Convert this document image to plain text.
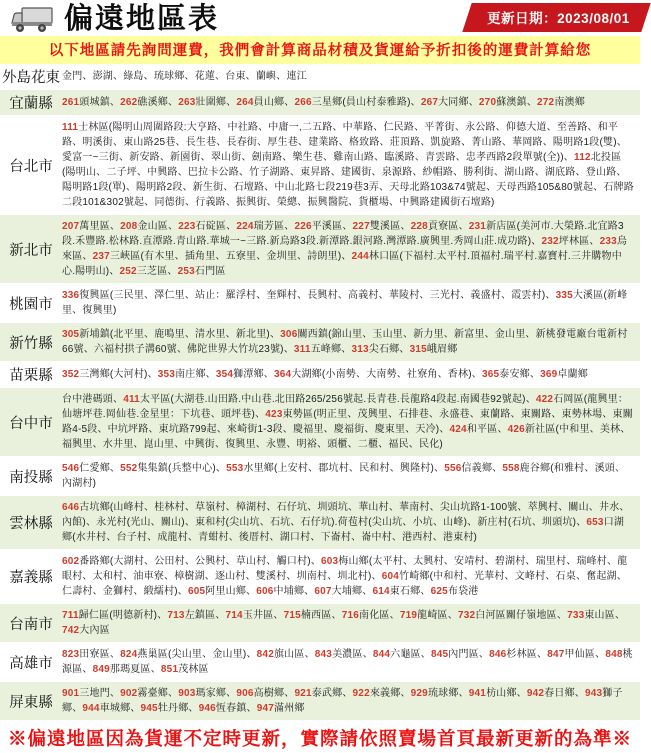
偏遠地區表	更新日期：2023/08/01
以下地區請先詢問運費，我們會計算商品材積及貨運給予折扣後的運費計算給您
外島花東 金門、澎湖、綠島、琉球鄉、花蓮、台東、蘭嶼、連江
宜蘭縣 261頭城鎮、262礁溪鄉、263壯圍鄉、264員山鄉、266三星鄉(員山村泰雅路)、267大同鄉、270蘇澳鎮、272南澳鄉
台北市
111士林區(陽明山周圍路段:大亨路、中社路、中庸一,二五路、中華路、仁民路、平菁街、永公路、仰德大道、至善路、和平路、明溪街、東山路25巷、長生巷、長春街、厚生巷、建業路、格致路、莊頂路、凱旋路、菁山路、華岡路、陽明路1段(雙)、愛富一~三街、新安路、新園街、翠山街、劍南路、樂生巷、雞南山路、臨溪路、青雲路、忠孝西路2段單號(全))、112北投區(陽明山、二子坪、中興路、巴拉卡公路、竹子湖路、東昇路、建國街、泉源路、紗帽路、勝利街、湖山路、湖底路、登山路、陽明路1段(單)、陽明路2段、新生街、石壇路、中山北路七段219巷3弄、天母北路103&74號起、天母西路105&80號起、石牌路二段101&302號起、同德街、行義路、振興街、榮總、振興醫院、貨櫃場、中興路建國街石壇路)
新北市
207萬里區、208金山區、223石碇區、224瑞芳區、226平溪區、227雙溪區、228貢寮區、231新店區(美河市.大榮路.北宜路3段.禾豐路.松林路.直潭路.青山路.華城一~三路.新烏路3段.新潭路.銀河路.灣潭路.廣興里.秀岡山莊.成功路)、232坪林區、233烏來區、237三峽區(有木里、插角里、五寮里、金圳里、詩朗里)、244林口區(下福村.太平村.頂福村.瑞平村.嘉寶村.三井購物中心.陽明山)、252三芝區、253石門區
桃園市
336復興區(三民里、澤仁里、站止：羅浮村、奎輝村、長興村、高義村、華陵村、三光村、義盛村、霞雲村)、335大溪區(新峰里、復興里)
新竹縣
305新埔鎮(北平里、鹿鳴里、清水里、新北里)、306關西鎮(錦山里、玉山里、新力里、新富里、金山里、新桃發電廠台電新村66號、六福村拱子溝60號、佛陀世界大竹坑23號)、311五峰鄉、313尖石鄉、315峨眉鄉
苗栗縣 352三灣鄉(大河村)、353南庄鄉、354獅潭鄉、364大湖鄉(小南勢、大南勢、社寮角、香林)、365泰安鄉、369卓蘭鄉
台中市
台中港碼頭、411太平區(大湖巷.山田路.中山巷.北田路265/256號起.長青巷.長龍路4段起.南國巷92號起)、422石岡區(龍興里：仙塘坪巷.岡仙巷.金星里：下坑巷、頭坪巷)、423東勢區(明正里、茂興里、石排巷、永盛巷、東蘭路、東關路、東勢林場、東關路4-5段、中坑坪路、東坑路799起、來崎街1-3段、慶福里、慶福街、慶東里、天冷)、424和平區、426新社區(中和里、美林、福興里、水井里、崑山里、中興街、復興里、永豐、明裕、頭櫃、二櫃、福民、民化)
南投縣
546仁愛鄉、552集集鎮(兵整中心)、553水里鄉(上安村、郡坑村、民和村、興隆村)、556信義鄉、558鹿谷鄉(和雅村、溪頭、內湖村)
雲林縣
646古坑鄉(山峰村、桂林村、草嶺村、樟湖村、石仔坑、圳頭坑、華山村、華南村、尖山坑路1-100號、萃興村、關山、井水、內館)、永光村(光山、關山)、東和村(尖山坑、石坑、石仔坑).荷苞村(尖山坑、小坑、山峰)、新庄村(石坑、圳頭坑)、653口湖鄉(水井村、台子村、成龍村、青蚶村、後厝村、湖口村、下崙村、崙中村、港西村、港東村)
嘉義縣
602番路鄉(大湖村、公田村、公興村、草山村、觸口村)、603梅山鄉(太平村、太興村、安靖村、碧湖村、瑞里村、瑞峰村、龍眼村、太和村、油車寮、樟樹湖、逐山村、雙溪村、圳南村、圳北村)、604竹崎鄉(中和村、光華村、文峰村、石桌、奮起湖、仁壽村、金獅村、緞繻村)、605阿里山鄉、606中埔鄉、607大埔鄉、614東石鄉、625布袋港
台南市
711歸仁區(明德新村)、713左鎮區、714玉井區、715楠西區、716南化區、719龍崎區、732白河區關仔嶺地區、733東山區、742大內區
高雄市
823田寮區、824燕巢區(尖山里、金山里)、842旗山區、843美濃區、844六龜區、845內門區、846杉林區、847甲仙區、848桃源區、849那瑪夏區、851茂林區
屏東縣
901三地門、902霧臺鄉、903瑪家鄉、906高樹鄉、921泰武鄉、922來義鄉、929琉球鄉、941枋山鄉、942春日鄉、943獅子鄉、944車城鄉、945牡丹鄉、946恆春鎮、947滿州鄉
※偏遠地區因為貨運不定時更新，實際請依照賣場首頁最新更新的為準※
